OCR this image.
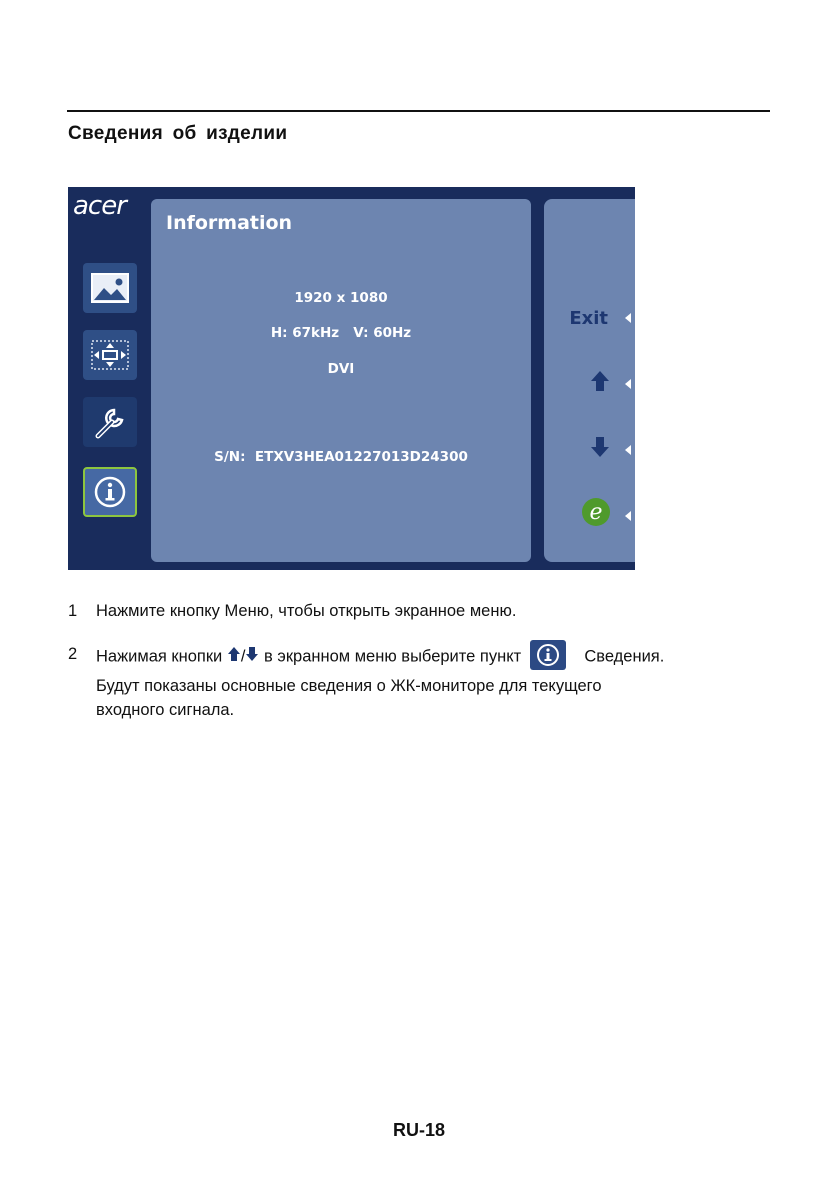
Сведения об изделии
acer
Information
1920 x 1080
H: 67kHz   V: 60Hz
DVI
S/N:  ETXV3HEA01227013D24300
Exit
e
1 Нажмите кнопку Меню, чтобы открыть экранное меню.
2 Нажимая кнопки / в экранном меню выберите пункт	Сведения.
Будут показаны основные сведения о ЖК-мониторе для текущего
входного сигнала.
RU-18
